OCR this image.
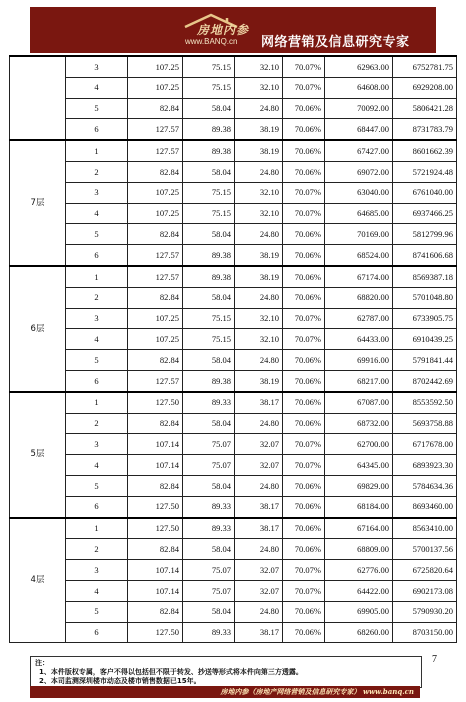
房地内参
www.BANQ.cn 网络营销及信息研究专家
	3	107.25	75.15	32.10	70.07%	62963.00	6752781.75
	4	107.25	75.15	32.10	70.07%	64608.00	6929208.00
	5	82.84	58.04	24.80	70.06%	70092.00	5806421.28
	6	127.57	89.38	38.19	70.06%	68447.00	8731783.79
7层	1	127.57	89.38	38.19	70.06%	67427.00	8601662.39
	2	82.84	58.04	24.80	70.06%	69072.00	5721924.48
	3	107.25	75.15	32.10	70.07%	63040.00	6761040.00
	4	107.25	75.15	32.10	70.07%	64685.00	6937466.25
	5	82.84	58.04	24.80	70.06%	70169.00	5812799.96
	6	127.57	89.38	38.19	70.06%	68524.00	8741606.68
6层	1	127.57	89.38	38.19	70.06%	67174.00	8569387.18
	2	82.84	58.04	24.80	70.06%	68820.00	5701048.80
	3	107.25	75.15	32.10	70.07%	62787.00	6733905.75
	4	107.25	75.15	32.10	70.07%	64433.00	6910439.25
	5	82.84	58.04	24.80	70.06%	69916.00	5791841.44
	6	127.57	89.38	38.19	70.06%	68217.00	8702442.69
5层	1	127.50	89.33	38.17	70.06%	67087.00	8553592.50
	2	82.84	58.04	24.80	70.06%	68732.00	5693758.88
	3	107.14	75.07	32.07	70.07%	62700.00	6717678.00
	4	107.14	75.07	32.07	70.07%	64345.00	6893923.30
	5	82.84	58.04	24.80	70.06%	69829.00	5784634.36
	6	127.50	89.33	38.17	70.06%	68184.00	8693460.00
4层	1	127.50	89.33	38.17	70.06%	67164.00	8563410.00
	2	82.84	58.04	24.80	70.06%	68809.00	5700137.56
	3	107.14	75.07	32.07	70.07%	62776.00	6725820.64
	4	107.14	75.07	32.07	70.07%	64422.00	6902173.08
	5	82.84	58.04	24.80	70.06%	69905.00	5790930.20
	6	127.50	89.33	38.17	70.06%	68260.00	8703150.00
注：
1、本件版权专属，客户不得以包括但不限于转发、抄送等形式将本件向第三方透露。
2、本司监测深圳楼市动态及楼市销售数据已15年。
7
房地内参（房地产网络营销及信息研究专家） www.banq.cn
